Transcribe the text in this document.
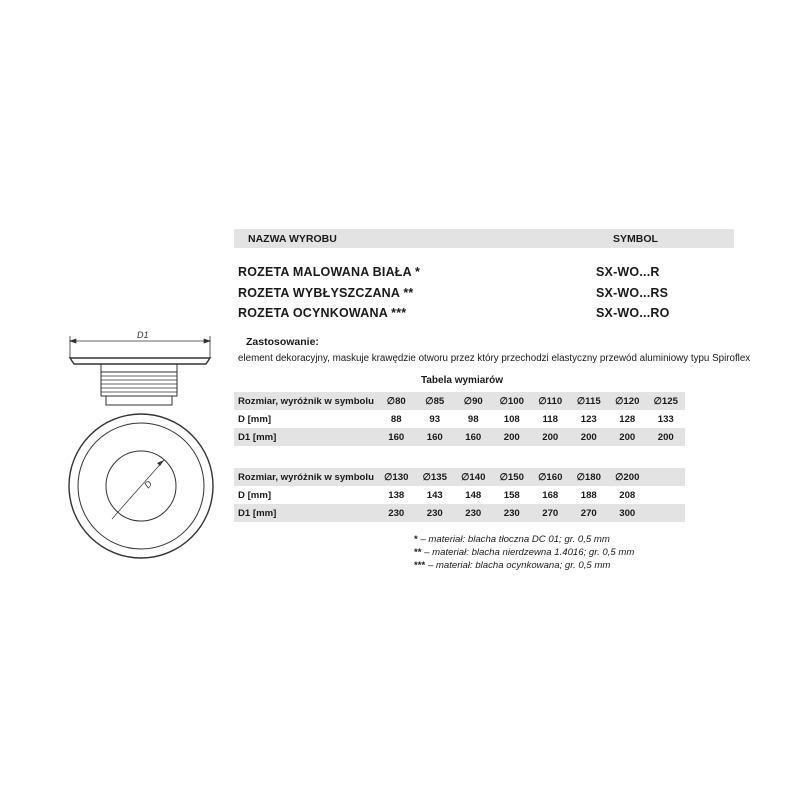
D1
D
NAZWA WYROBU	SYMBOL
ROZETA MALOWANA BIAŁA *	SX-WO...R
ROZETA WYBŁYSZCZANA **	SX-WO...RS
ROZETA OCYNKOWANA ***	SX-WO...RO
Zastosowanie:
element dekoracyjny, maskuje krawędzie otworu przez który przechodzi elastyczny przewód aluminiowy typu Spiroflex
Tabela wymiarów
Rozmiar, wyróżnik w symbolu	∅80	∅85	∅90	∅100	∅110	∅115	∅120	∅125
D [mm]	88	93	98	108	118	123	128	133
D1 [mm]	160	160	160	200	200	200	200	200
Rozmiar, wyróżnik w symbolu	∅130	∅135	∅140	∅150	∅160	∅180	∅200	
D [mm]	138	143	148	158	168	188	208	
D1 [mm]	230	230	230	230	270	270	300	
* – materiał: blacha tłoczna DC 01; gr. 0,5 mm
** – materiał: blacha nierdzewna 1.4016; gr. 0,5 mm
*** – materiał: blacha ocynkowana; gr. 0,5 mm
